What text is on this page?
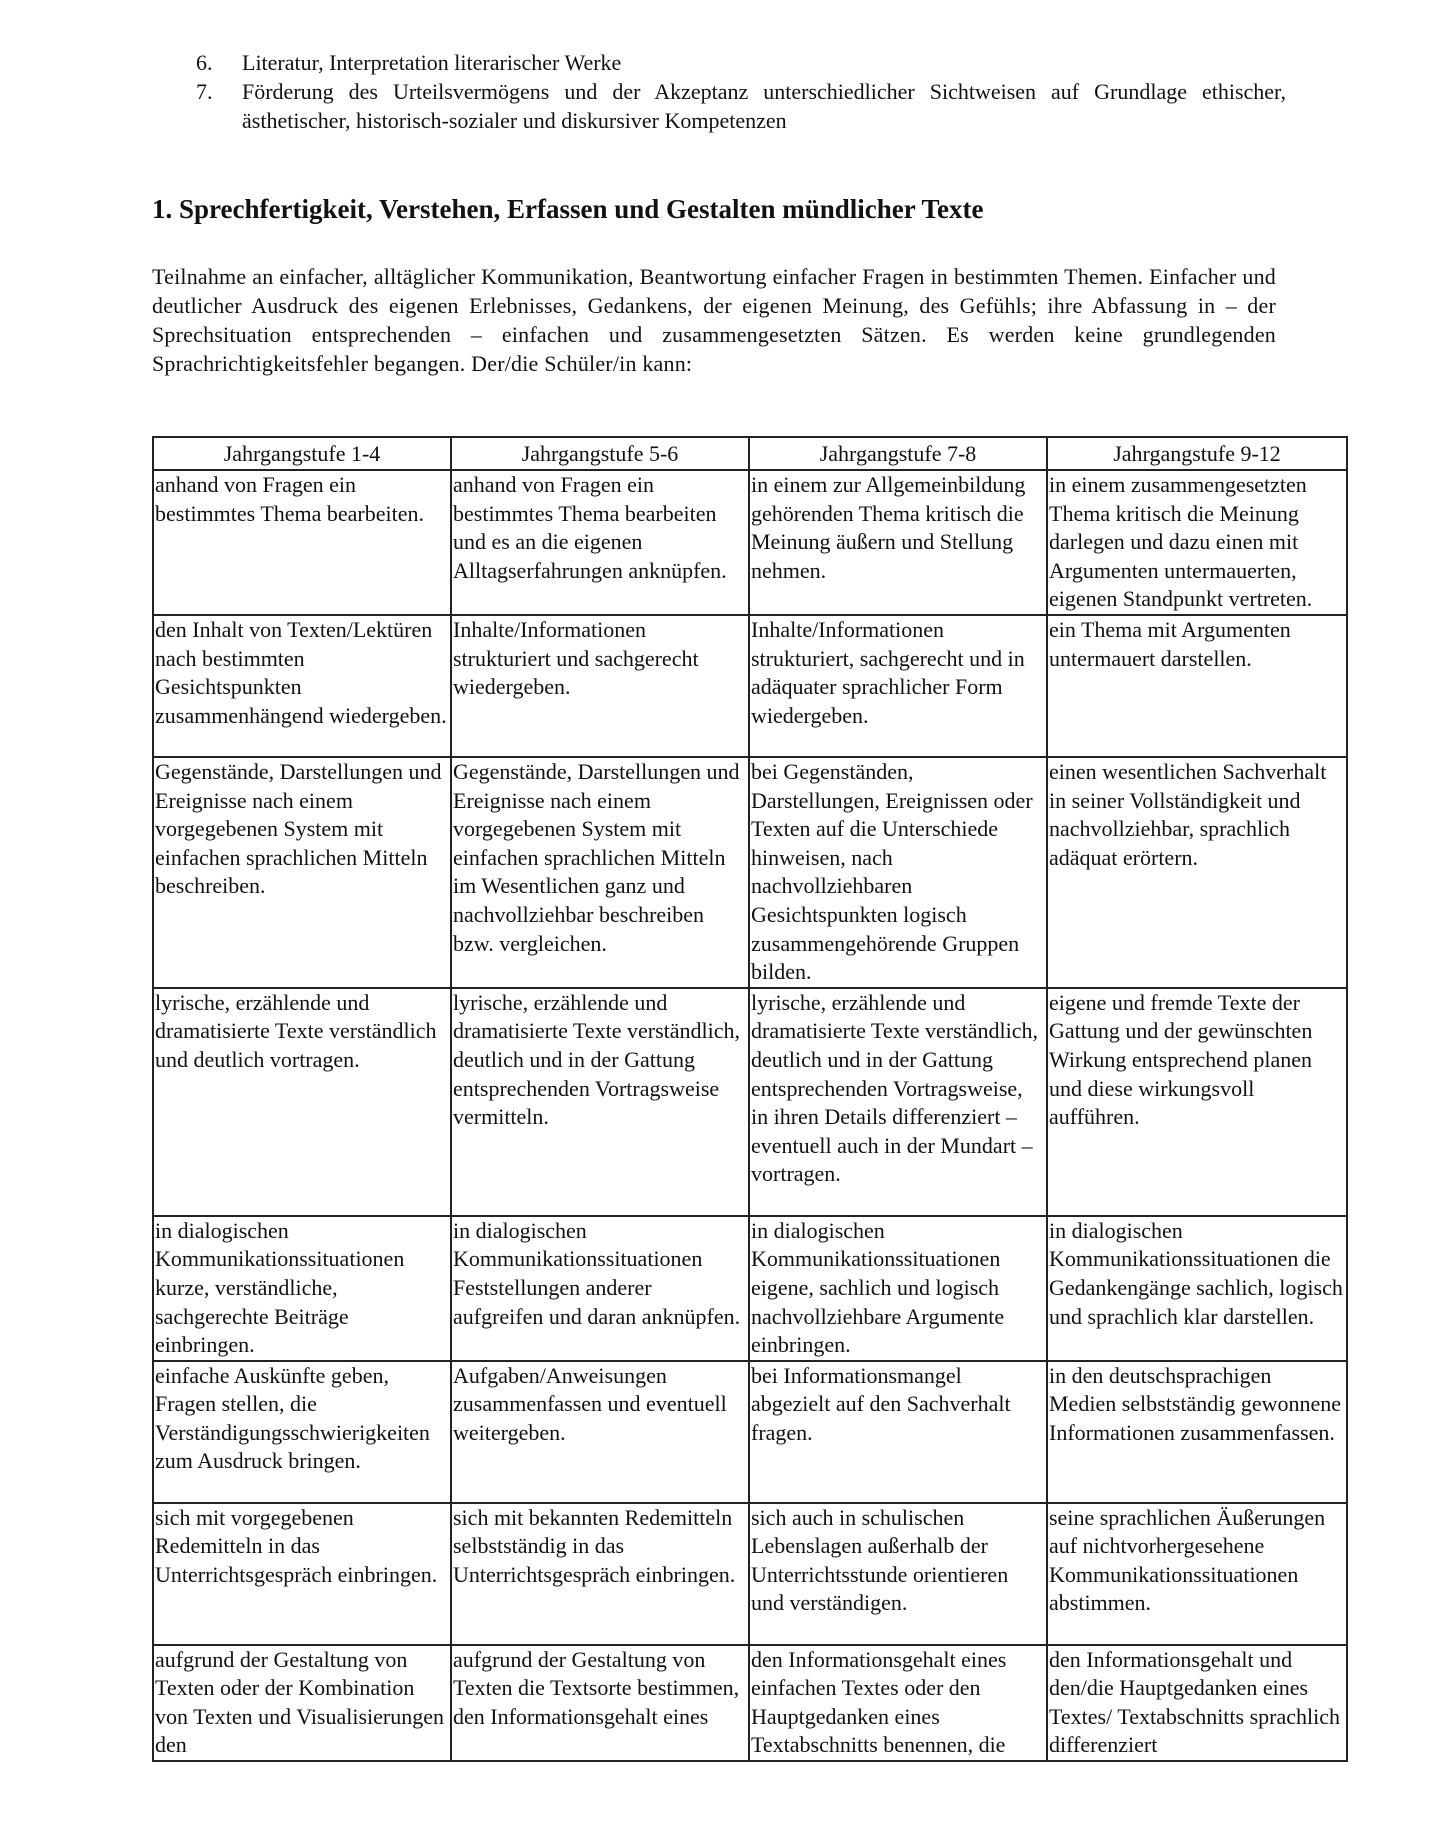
6. Literatur, Interpretation literarischer Werke
7. Förderung des Urteilsvermögens und der Akzeptanz unterschiedlicher Sichtweisen auf Grundlage ethischer, ästhetischer, historisch-sozialer und diskursiver Kompetenzen
1. Sprechfertigkeit, Verstehen, Erfassen und Gestalten mündlicher Texte

Teilnahme an einfacher, alltäglicher Kommunikation, Beantwortung einfacher Fragen in bestimmten Themen. Einfacher und deutlicher Ausdruck des eigenen Erlebnisses, Gedankens, der eigenen Meinung, des Gefühls; ihre Abfassung in – der Sprechsituation entsprechenden – einfachen und zusammengesetzten Sätzen. Es werden keine grundlegenden Sprachrichtigkeitsfehler begangen. Der/die Schüler/in kann:

Jahrgangstufe 1-4	Jahrgangstufe 5-6	Jahrgangstufe 7-8	Jahrgangstufe 9-12
anhand von Fragen ein bestimmtes Thema bearbeiten.	anhand von Fragen ein bestimmtes Thema bearbeiten und es an die eigenen Alltagserfahrungen anknüpfen.	in einem zur Allgemeinbildung gehörenden Thema kritisch die Meinung äußern und Stellung nehmen.	in einem zusammengesetzten Thema kritisch die Meinung darlegen und dazu einen mit Argumenten untermauerten, eigenen Standpunkt vertreten.
den Inhalt von Texten/Lektüren nach bestimmten Gesichtspunkten zusammenhängend wiedergeben.	Inhalte/Informationen strukturiert und sachgerecht wiedergeben.	Inhalte/Informationen strukturiert, sachgerecht und in adäquater sprachlicher Form wiedergeben.	ein Thema mit Argumenten untermauert darstellen.
Gegenstände, Darstellungen und Ereignisse nach einem vorgegebenen System mit einfachen sprachlichen Mitteln beschreiben.	Gegenstände, Darstellungen und Ereignisse nach einem vorgegebenen System mit einfachen sprachlichen Mitteln im Wesentlichen ganz und nachvollziehbar beschreiben bzw. vergleichen.	bei Gegenständen, Darstellungen, Ereignissen oder Texten auf die Unterschiede hinweisen, nach nachvollziehbaren Gesichtspunkten logisch zusammengehörende Gruppen bilden.	einen wesentlichen Sachverhalt in seiner Vollständigkeit und nachvollziehbar, sprachlich adäquat erörtern.
lyrische, erzählende und dramatisierte Texte verständlich und deutlich vortragen.	lyrische, erzählende und dramatisierte Texte verständlich, deutlich und in der Gattung entsprechenden Vortragsweise vermitteln.	lyrische, erzählende und dramatisierte Texte verständlich, deutlich und in der Gattung entsprechenden Vortragsweise, in ihren Details differenziert – eventuell auch in der Mundart – vortragen.	eigene und fremde Texte der Gattung und der gewünschten Wirkung entsprechend planen und diese wirkungsvoll aufführen.
in dialogischen Kommunikationssituationen kurze, verständliche, sachgerechte Beiträge einbringen.	in dialogischen Kommunikationssituationen Feststellungen anderer aufgreifen und daran anknüpfen.	in dialogischen Kommunikationssituationen eigene, sachlich und logisch nachvollziehbare Argumente einbringen.	in dialogischen Kommunikationssituationen die Gedankengänge sachlich, logisch und sprachlich klar darstellen.
einfache Auskünfte geben, Fragen stellen, die Verständigungsschwierigkeiten zum Ausdruck bringen.	Aufgaben/Anweisungen zusammenfassen und eventuell weitergeben.	bei Informationsmangel abgezielt auf den Sachverhalt fragen.	in den deutschsprachigen Medien selbstständig gewonnene Informationen zusammenfassen.
sich mit vorgegebenen Redemitteln in das Unterrichtsgespräch einbringen.	sich mit bekannten Redemitteln selbstständig in das Unterrichtsgespräch einbringen.	sich auch in schulischen Lebenslagen außerhalb der Unterrichtsstunde orientieren und verständigen.	seine sprachlichen Äußerungen auf nichtvorhergesehene Kommunikationssituationen abstimmen.
aufgrund der Gestaltung von Texten oder der Kombination von Texten und Visualisierungen den	aufgrund der Gestaltung von Texten die Textsorte bestimmen, den Informationsgehalt eines	den Informationsgehalt eines einfachen Textes oder den Hauptgedanken eines Textabschnitts benennen, die	den Informationsgehalt und den/die Hauptgedanken eines Textes/ Textabschnitts sprachlich differenziert
